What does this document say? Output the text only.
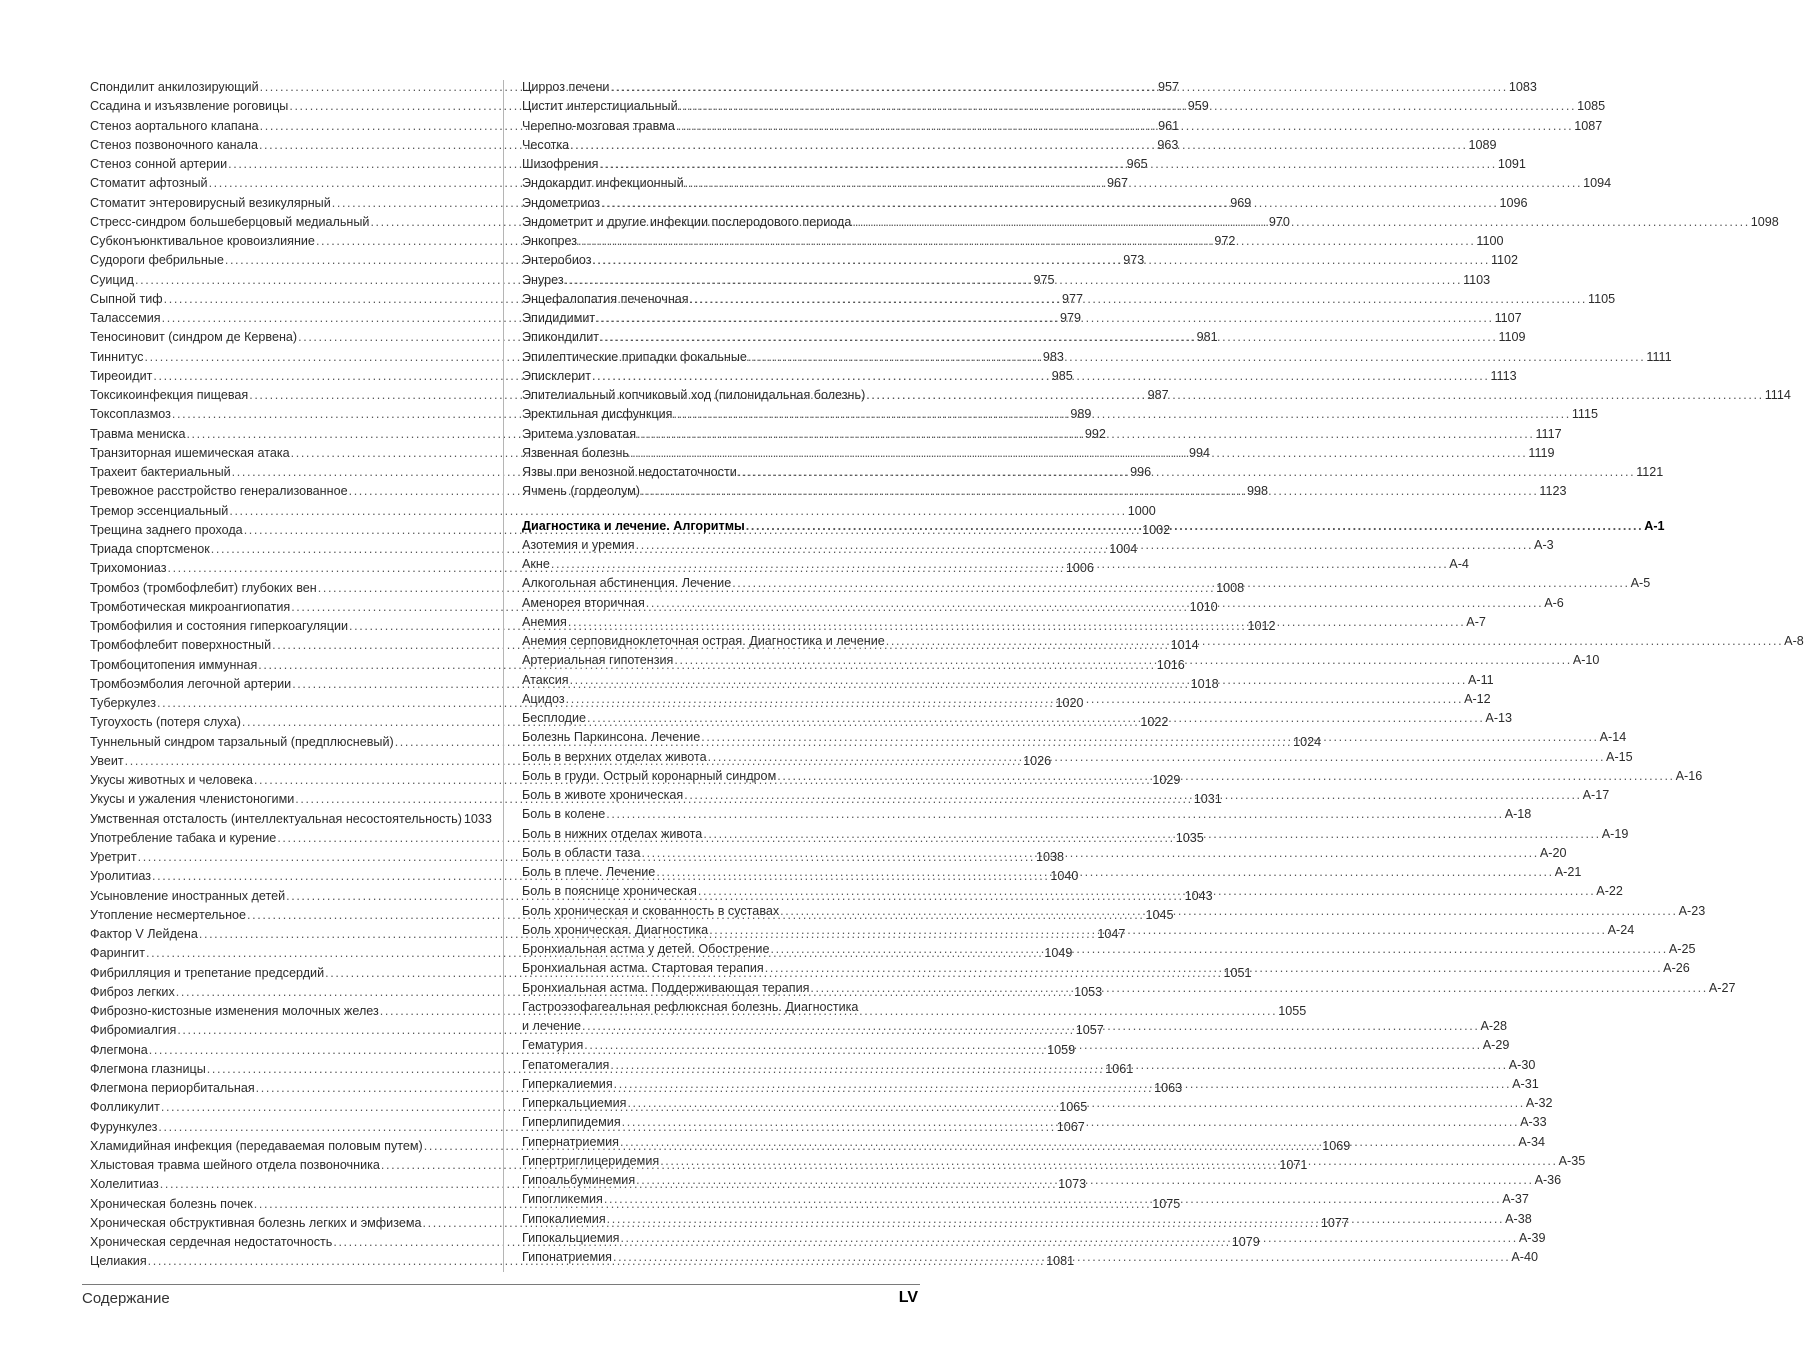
Спондилит анкилозирующий .....	957
Ссадина и изъязвление роговицы .....	959
Стеноз аортального клапана .....	961
Стеноз позвоночного канала .....	963
Стеноз сонной артерии .....	965
Стоматит афтозный .....	967
Стоматит энтеровирусный везикулярный .....	969
Стресс-синдром большеберцовый медиальный .....	970
Субконъюнктивальное кровоизлияние .....	972
Судороги фебрильные .....	973
Суицид .....	975
Сыпной тиф .....	977
Талассемия .....	979
Теносиновит (синдром де Кервена) .....	981
Тиннитус .....	983
Тиреоидит .....	985
Токсикоинфекция пищевая .....	987
Токсоплазмоз .....	989
Травма мениска .....	992
Транзиторная ишемическая атака .....	994
Трахеит бактериальный .....	996
Тревожное расстройство генерализованное .....	998
Тремор эссенциальный .....	1000
Трещина заднего прохода .....	1002
Триада спортсменок .....	1004
Трихомониаз .....	1006
Тромбоз (тромбофлебит) глубоких вен .....	1008
Тромботическая микроангиопатия .....	1010
Тромбофилия и состояния гиперкоагуляции .....	1012
Тромбофлебит поверхностный .....	1014
Тромбоцитопения иммунная .....	1016
Тромбоэмболия легочной артерии .....	1018
Туберкулез .....	1020
Тугоухость (потеря слуха) .....	1022
Туннельный синдром тарзальный (предплюсневый) .....	1024
Увеит .....	1026
Укусы животных и человека .....	1029
Укусы и ужаления членистоногими .....	1031
Умственная отсталость (интеллектуальная несостоятельность) 1033
Употребление табака и курение .....	1035
Уретрит .....	1038
Уролитиаз .....	1040
Усыновление иностранных детей .....	1043
Утопление несмертельное .....	1045
Фактор V Лейдена .....	1047
Фарингит .....	1049
Фибрилляция и трепетание предсердий .....	1051
Фиброз легких .....	1053
Фиброзно-кистозные изменения молочных желез .....	1055
Фибромиалгия .....	1057
Флегмона .....	1059
Флегмона глазницы .....	1061
Флегмона периорбитальная .....	1063
Фолликулит .....	1065
Фурункулез .....	1067
Хламидийная инфекция (передаваемая половым путем) .....	1069
Хлыстовая травма шейного отдела позвоночника .....	1071
Холелитиаз .....	1073
Хроническая болезнь почек .....	1075
Хроническая обструктивная болезнь легких и эмфизема .....	1077
Хроническая сердечная недостаточность .....	1079
Целиакия .....	1081
Цирроз печени .....	1083
Цистит интерстициальный .....	1085
Черепно-мозговая травма .....	1087
Чесотка .....	1089
Шизофрения .....	1091
Эндокардит инфекционный .....	1094
Эндометриоз .....	1096
Эндометрит и другие инфекции послеродового периода .....	1098
Энкопрез .....	1100
Энтеробиоз .....	1102
Энурез .....	1103
Энцефалопатия печеночная .....	1105
Эпидидимит .....	1107
Эпикондилит .....	1109
Эпилептические припадки фокальные .....	1111
Эписклерит .....	1113
Эпителиальный копчиковый ход (пилонидальная болезнь) .....	1114
Эректильная дисфункция .....	1115
Эритема узловатая .....	1117
Язвенная болезнь .....	1119
Язвы при венозной недостаточности .....	1121
Ячмень (гордеолум) .....	1123
Диагностика и лечение. Алгоритмы .....	A-1
Азотемия и уремия .....	A-3
Акне .....	A-4
Алкогольная абстиненция. Лечение .....	A-5
Аменорея вторичная .....	A-6
Анемия .....	A-7
Анемия серповидноклеточная острая. Диагностика и лечение .....	A-8
Артериальная гипотензия .....	A-10
Атаксия .....	A-11
Ацидоз .....	A-12
Бесплодие .....	A-13
Болезнь Паркинсона. Лечение .....	A-14
Боль в верхних отделах живота .....	A-15
Боль в груди. Острый коронарный синдром .....	A-16
Боль в животе хроническая .....	A-17
Боль в колене .....	A-18
Боль в нижних отделах живота .....	A-19
Боль в области таза .....	A-20
Боль в плече. Лечение .....	A-21
Боль в пояснице хроническая .....	A-22
Боль хроническая и скованность в суставах .....	A-23
Боль хроническая. Диагностика .....	A-24
Бронхиальная астма у детей. Обострение .....	A-25
Бронхиальная астма. Стартовая терапия .....	A-26
Бронхиальная астма. Поддерживающая терапия .....	A-27
Гастроэзофагеальная рефлюксная болезнь. Диагностика
и лечение .....	A-28
Гематурия .....	A-29
Гепатомегалия .....	A-30
Гиперкалиемия .....	A-31
Гиперкальциемия .....	A-32
Гиперлипидемия .....	A-33
Гипернатриемия .....	A-34
Гипертриглицеридемия .....	A-35
Гипоальбуминемия .....	A-36
Гипогликемия .....	A-37
Гипокалиемия .....	A-38
Гипокальциемия .....	A-39
Гипонатриемия .....	A-40
Содержание	LV
